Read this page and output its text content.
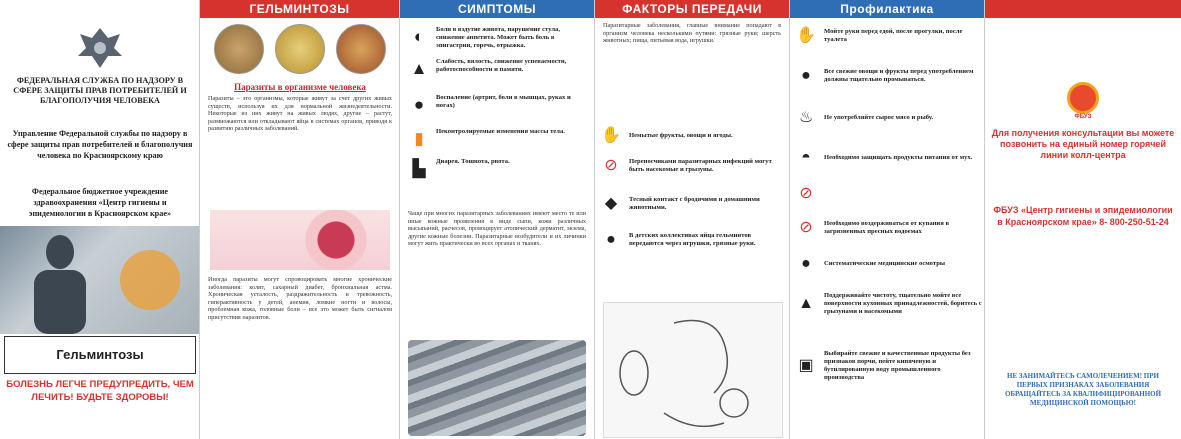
ФЕДЕРАЛЬНАЯ СЛУЖБА ПО НАДЗОРУ В СФЕРЕ ЗАЩИТЫ ПРАВ ПОТРЕБИТЕЛЕЙ И БЛАГОПОЛУЧИЯ ЧЕЛОВЕКА
Управление Федеральной службы по надзору в сфере защиты прав потребителей и благополучия человека по Красноярскому краю
Федеральное бюджетное учреждение здравоохранения «Центр гигиены и эпидемиологии в Красноярском крае»
Гельминтозы
БОЛЕЗНЬ ЛЕГЧЕ ПРЕДУПРЕДИТЬ, ЧЕМ ЛЕЧИТЬ! БУДЬТЕ ЗДОРОВЫ!
ГЕЛЬМИНТОЗЫ
Паразиты в организме человека
Паразиты – это организмы, которые живут за счет других живых существ, используя их для нормальной жизнедеятельности. Некоторые из них живут на живых людях, другие – растут, размножаются или откладывают яйца в системах органов, приводя к развитию различных заболеваний.
Иногда паразиты могут спровоцировать многие хронические заболевания: колит, сахарный диабет, бронхиальная астма. Хроническая усталость, раздражительность и тревожность, гиперактивность у детей, анемия, ломкие ногти и волосы, проблемная кожа, головные боли – все это может быть сигналом присутствия паразитов.
СИМПТОМЫ
◐	Боли в вздутие живота, нарушение стула, снижение аппетита. Может быть боль в эпигастрии, горечь, отрыжка.
▲	Слабость, вялость, снижение успеваемости, работоспособности и памяти.
●	Воспаление (артрит, боли в мышцах, руках и ногах)
▮	Неконтролируемые изменения массы тела.
▙	Диарея. Тошнота, рвота.
Чаще при многих паразитарных заболеваниях имеют место те или иные кожные проявления в виде сыпи, кожи различных высыпаний, расчесов, провоцирует атопический дерматит, экзема, другие кожные болезни. Паразитарные возбудители и их личинки могут жить практически во всех органах и тканях.
ФАКТОРЫ ПЕРЕДАЧИ
Паразитарные заболевания, главные внимание попадают в организм человека несколькими путями: грязные руки; шерсть животных; пища, питьевая вода, игрушки.
✋ Немытые фрукты, овощи и ягоды.
⊘	Переносчиками паразитарных инфекций могут быть насекомые и грызуны.
◆	Тесный контакт с бродячими и домашними животными.
●	В детских коллективах яйца гельминтов передаются через игрушки, грязные руки.
Профилактика
✋ Мойте руки перед едой, после прогулки, после туалета
●	Все свежие овощи и фрукты перед употреблением должны тщательно промываться.
♨	Не употребляйте сырое мясо и рыбу.
◓	Необходимо защищать продукты питания от мух.
⊘
⊘	Необходимо воздерживаться от купания в загрязненных пресных водоемах
●	Систематические медицинские осмотры
▲	Поддерживайте чистоту, тщательно мойте все поверхности кухонных принадлежностей, боритесь с грызунами и насекомыми
▣
Выбирайте свежие и качественные продукты без признаков порчи, пейте кипяченую и бутилированную воду промышленного производства
ФБУЗ
Для получения консультации вы можете позвонить на единый номер горячей линии колл-центра
ФБУЗ «Центр гигиены и эпидемиологии в Красноярском крае» 8- 800-250-51-24
НЕ ЗАНИМАЙТЕСЬ САМОЛЕЧЕНИЕМ! ПРИ ПЕРВЫХ ПРИЗНАКАХ ЗАБОЛЕВАНИЯ ОБРАЩАЙТЕСЬ ЗА КВАЛИФИЦИРОВАННОЙ МЕДИЦИНСКОЙ ПОМОЩЬЮ!
